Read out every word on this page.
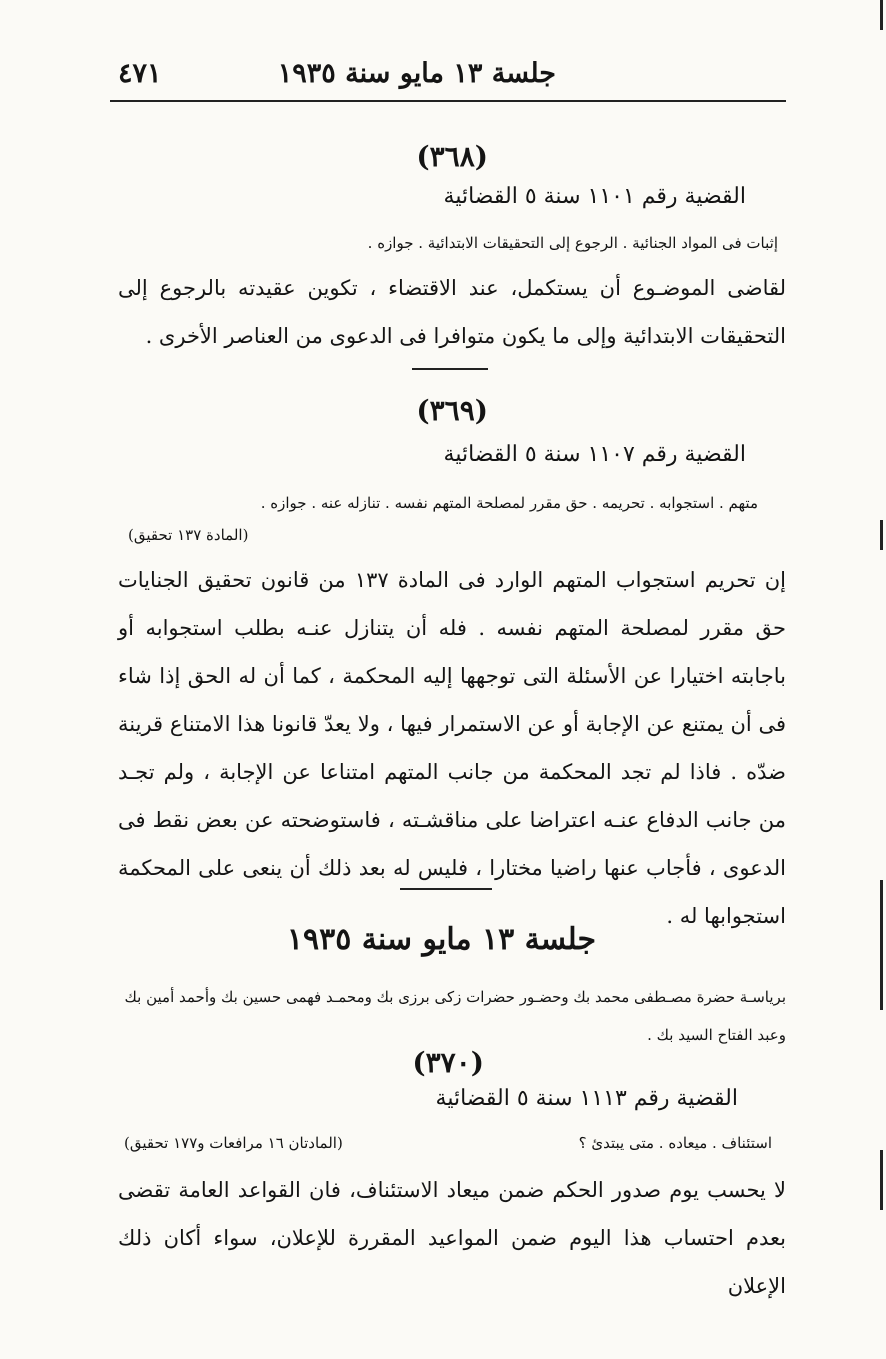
جلسة ١٣ مايو سنة ١٩٣٥
٤٧١
(٣٦٨)
القضية رقم ١١٠١ سنة ٥ القضائية
إثبات فى المواد الجنائية . الرجوع إلى التحقيقات الابتدائية . جوازه .
لقاضى الموضـوع أن يستكمل، عند الاقتضاء ، تكوين عقيدته بالرجوع إلى التحقيقات الابتدائية وإلى ما يكون متوافرا فى الدعوى من العناصر الأخرى .
(٣٦٩)
القضية رقم ١١٠٧ سنة ٥ القضائية
متهم . استجوابه . تحريمه . حق مقرر لمصلحة المتهم نفسه . تنازله عنه . جوازه .
(المادة ١٣٧ تحقيق)
إن تحريم استجواب المتهم الوارد فى المادة ١٣٧ من قانون تحقيق الجنايات حق مقرر لمصلحة المتهم نفسه . فله أن يتنازل عنـه بطلب استجوابه أو باجابته اختيارا عن الأسئلة التى توجهها إليه المحكمة ، كما أن له الحق إذا شاء فى أن يمتنع عن الإجابة أو عن الاستمرار فيها ، ولا يعدّ قانونا هذا الامتناع قرينة ضدّه . فاذا لم تجد المحكمة من جانب المتهم امتناعا عن الإجابة ، ولم تجـد من جانب الدفاع عنـه اعتراضا على مناقشـته ، فاستوضحته عن بعض نقط فى الدعوى ، فأجاب عنها راضيا مختارا ، فليس له بعد ذلك أن ينعى على المحكمة استجوابها له .
جلسة ١٣ مايو سنة ١٩٣٥
برياسـة حضرة مصـطفى محمد بك وحضـور حضرات زكى برزى بك ومحمـد فهمى حسين بك وأحمد أمين بك وعبد الفتاح السيد بك .
(٣٧٠)
القضية رقم ١١١٣ سنة ٥ القضائية
استئناف . ميعاده . متى يبتدئ ؟
(المادتان ١٦ مرافعات و١٧٧ تحقيق)
لا يحسب يوم صدور الحكم ضمن ميعاد الاستئناف، فان القواعد العامة تقضى بعدم احتساب هذا اليوم ضمن المواعيد المقررة للإعلان، سواء أكان ذلك الإعلان
